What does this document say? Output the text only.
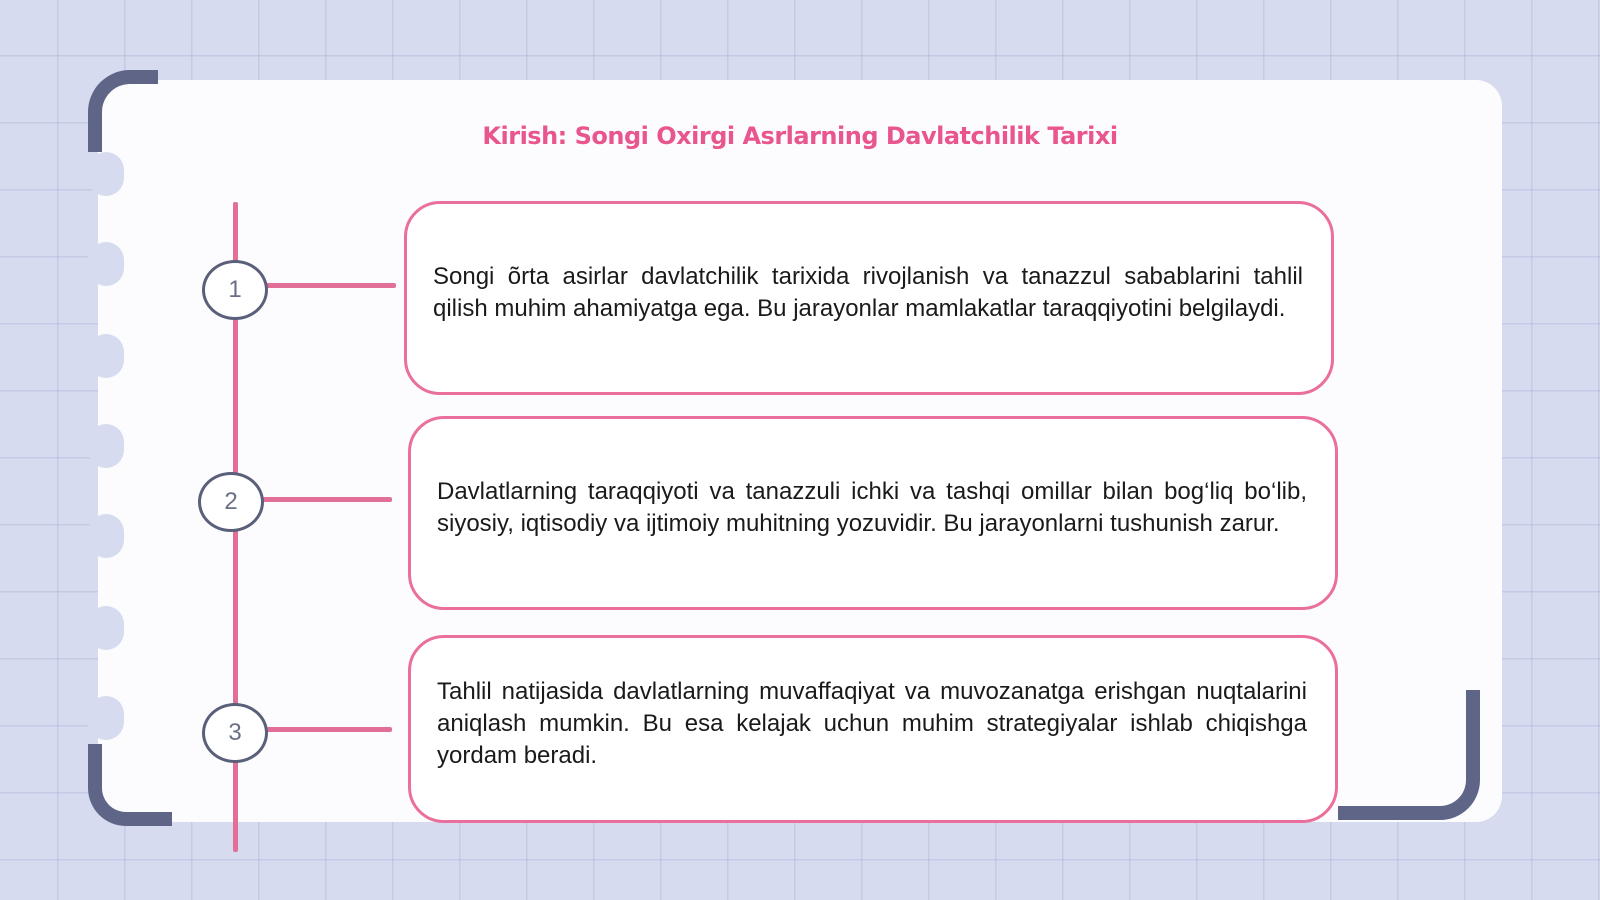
Kirish: Songi Oxirgi Asrlarning Davlatchilik Tarixi
1
2
3

Songi õrta asirlar davlatchilik tarixida rivojlanish va tanazzul sabablarini tahlil qilish muhim ahamiyatga ega. Bu jarayonlar mamlakatlar taraqqiyotini belgilaydi.

Davlatlarning taraqqiyoti va tanazzuli ichki va tashqi omillar bilan bog‘liq bo‘lib, siyosiy, iqtisodiy va ijtimoiy muhitning yozuvidir. Bu jarayonlarni tushunish zarur.

Tahlil natijasida davlatlarning muvaffaqiyat va muvozanatga erishgan nuqtalarini aniqlash mumkin. Bu esa kelajak uchun muhim strategiyalar ishlab chiqishga yordam beradi.
